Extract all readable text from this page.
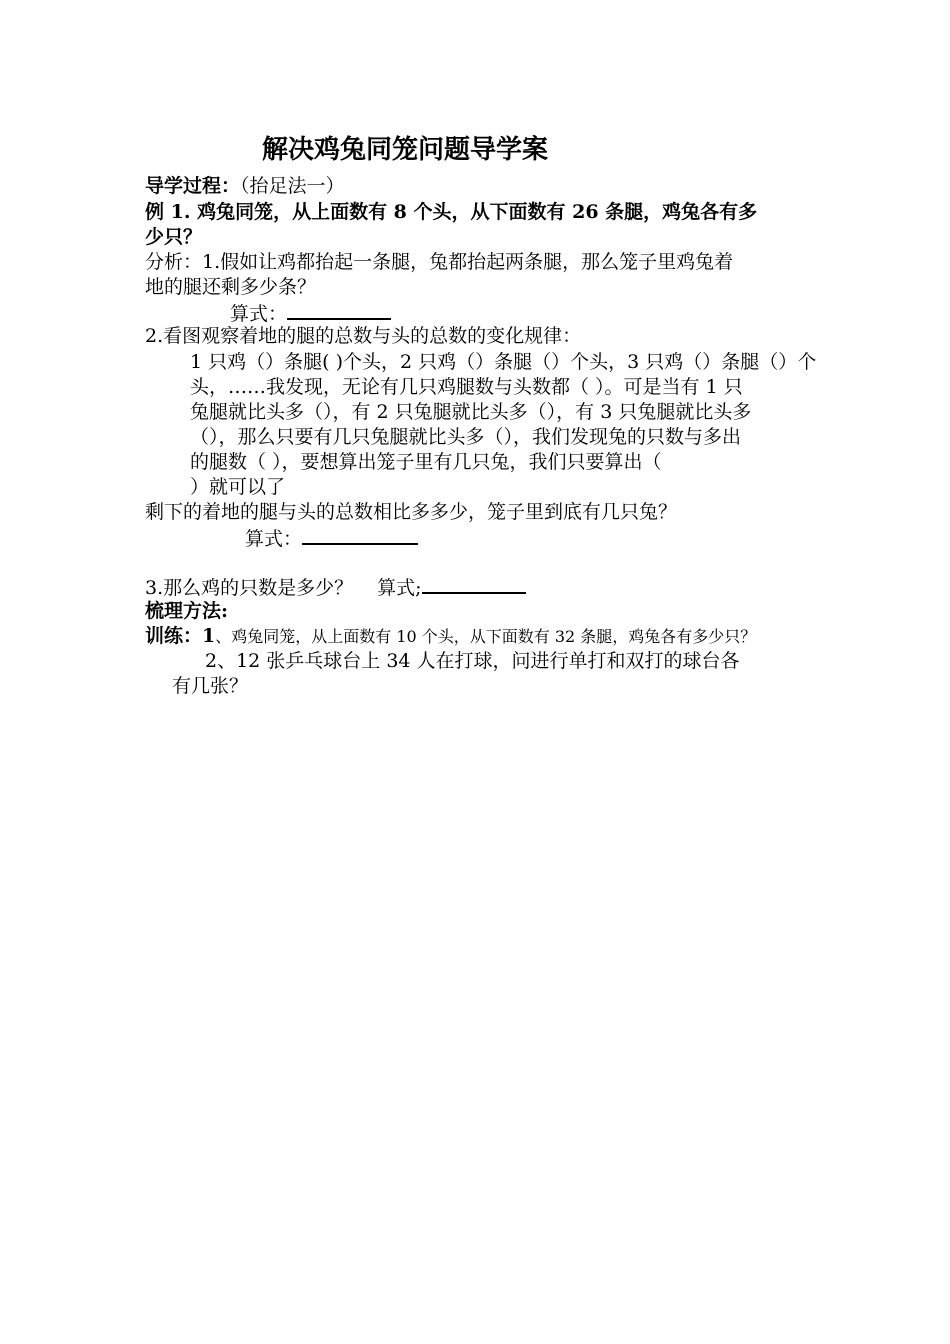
解决鸡兔同笼问题导学案
导学过程：（抬足法一）
例 1. 鸡兔同笼，从上面数有 8 个头，从下面数有 26 条腿，鸡兔各有多
少只？
分析：1.假如让鸡都抬起一条腿，兔都抬起两条腿，那么笼子里鸡兔着
地的腿还剩多少条？
算式：
2.看图观察着地的腿的总数与头的总数的变化规律：
1 只鸡（）条腿( )个头，2 只鸡（）条腿（）个头，3 只鸡（）条腿（）个
头，……我发现，无论有几只鸡腿数与头数都（ ）。可是当有 1 只
兔腿就比头多（），有 2 只兔腿就比头多（），有 3 只兔腿就比头多
（），那么只要有几只兔腿就比头多（），我们发现兔的只数与多出
的腿数（ ），要想算出笼子里有几只兔，我们只要算出（
）就可以了
剩下的着地的腿与头的总数相比多多少，笼子里到底有几只兔？
算式：
3.那么鸡的只数是多少？ 算式;
梳理方法:
训练：1、鸡兔同笼，从上面数有 10 个头，从下面数有 32 条腿，鸡兔各有多少只？
2、12 张乒乓球台上 34 人在打球，问进行单打和双打的球台各
有几张？
